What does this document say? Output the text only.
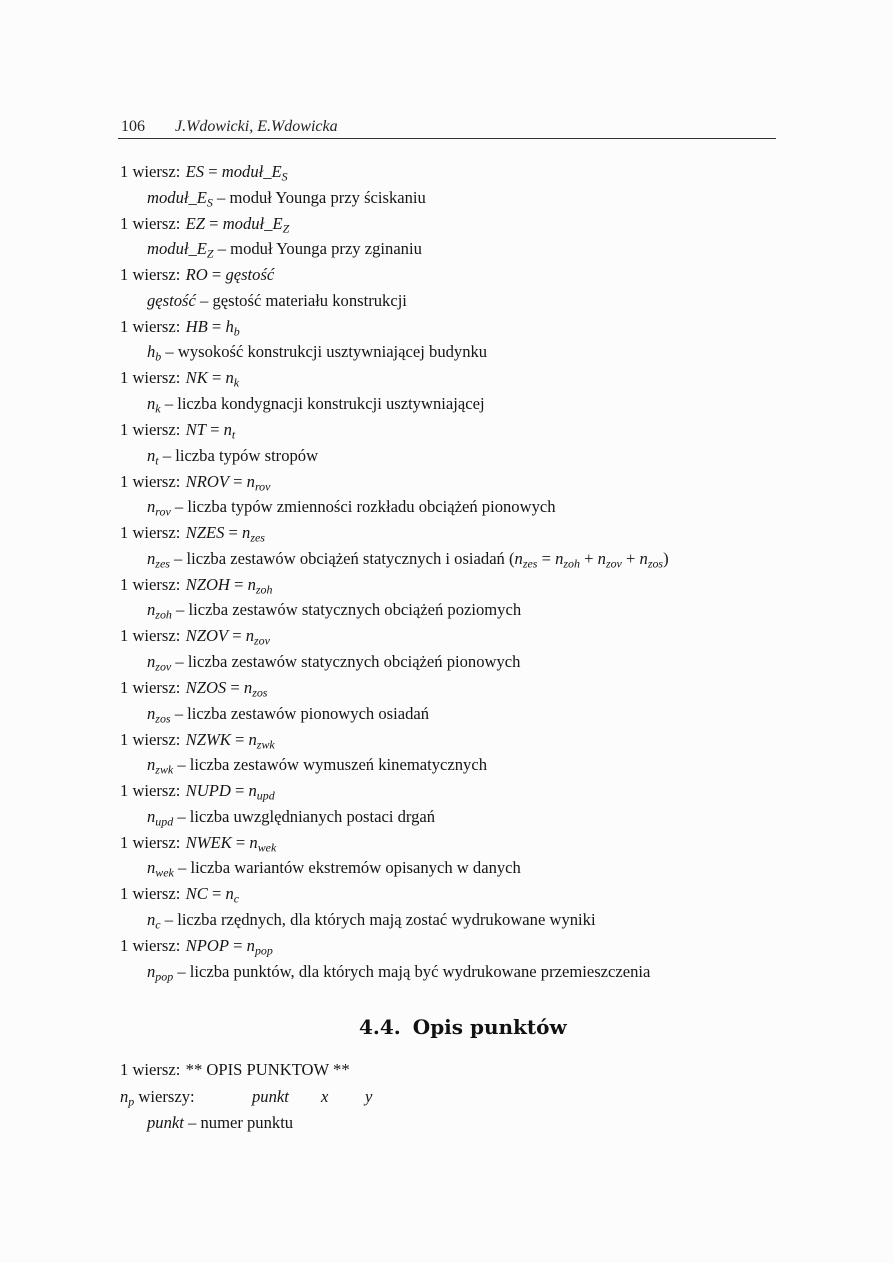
106 J.Wdowicki, E.Wdowicka
1 wiersz: ES = $moduł\_E_S$
$moduł\_E_S$ – moduł Younga przy ściskaniu
1 wiersz: EZ = $moduł\_E_Z$
$moduł\_E_Z$ – moduł Younga przy zginaniu
1 wiersz: RO = gęstość
gęstość – gęstość materiału konstrukcji
1 wiersz: HB = $h_b$
$h_b$ – wysokość konstrukcji usztywniającej budynku
1 wiersz: NK = $n_k$
$n_k$ – liczba kondygnacji konstrukcji usztywniającej
1 wiersz: NT = $n_t$
$n_t$ – liczba typów stropów
1 wiersz: NROV = $n_{rov}$
$n_{rov}$ – liczba typów zmienności rozkładu obciążeń pionowych
1 wiersz: NZES = $n_{zes}$
$n_{zes}$ – liczba zestawów obciążeń statycznych i osiadań $(n_{zes} = n_{zoh} + n_{zov} + n_{zos})$
1 wiersz: NZOH = $n_{zoh}$
$n_{zoh}$ – liczba zestawów statycznych obciążeń poziomych
1 wiersz: NZOV = $n_{zov}$
$n_{zov}$ – liczba zestawów statycznych obciążeń pionowych
1 wiersz: NZOS = $n_{zos}$
$n_{zos}$ – liczba zestawów pionowych osiadań
1 wiersz: NZWK = $n_{zwk}$
$n_{zwk}$ – liczba zestawów wymuszeń kinematycznych
1 wiersz: NUPD = $n_{upd}$
$n_{upd}$ – liczba uwzględnianych postaci drgań
1 wiersz: NWEK = $n_{wek}$
$n_{wek}$ – liczba wariantów ekstremów opisanych w danych
1 wiersz: NC = $n_c$
$n_c$ – liczba rzędnych, dla których mają zostać wydrukowane wyniki
1 wiersz: NPOP = $n_{pop}$
$n_{pop}$ – liczba punktów, dla których mają być wydrukowane przemieszczenia
4.4. Opis punktów
1 wiersz: ** OPIS PUNKTOW **
$n_p$ wierszy:	punkt x y
punkt – numer punktu
